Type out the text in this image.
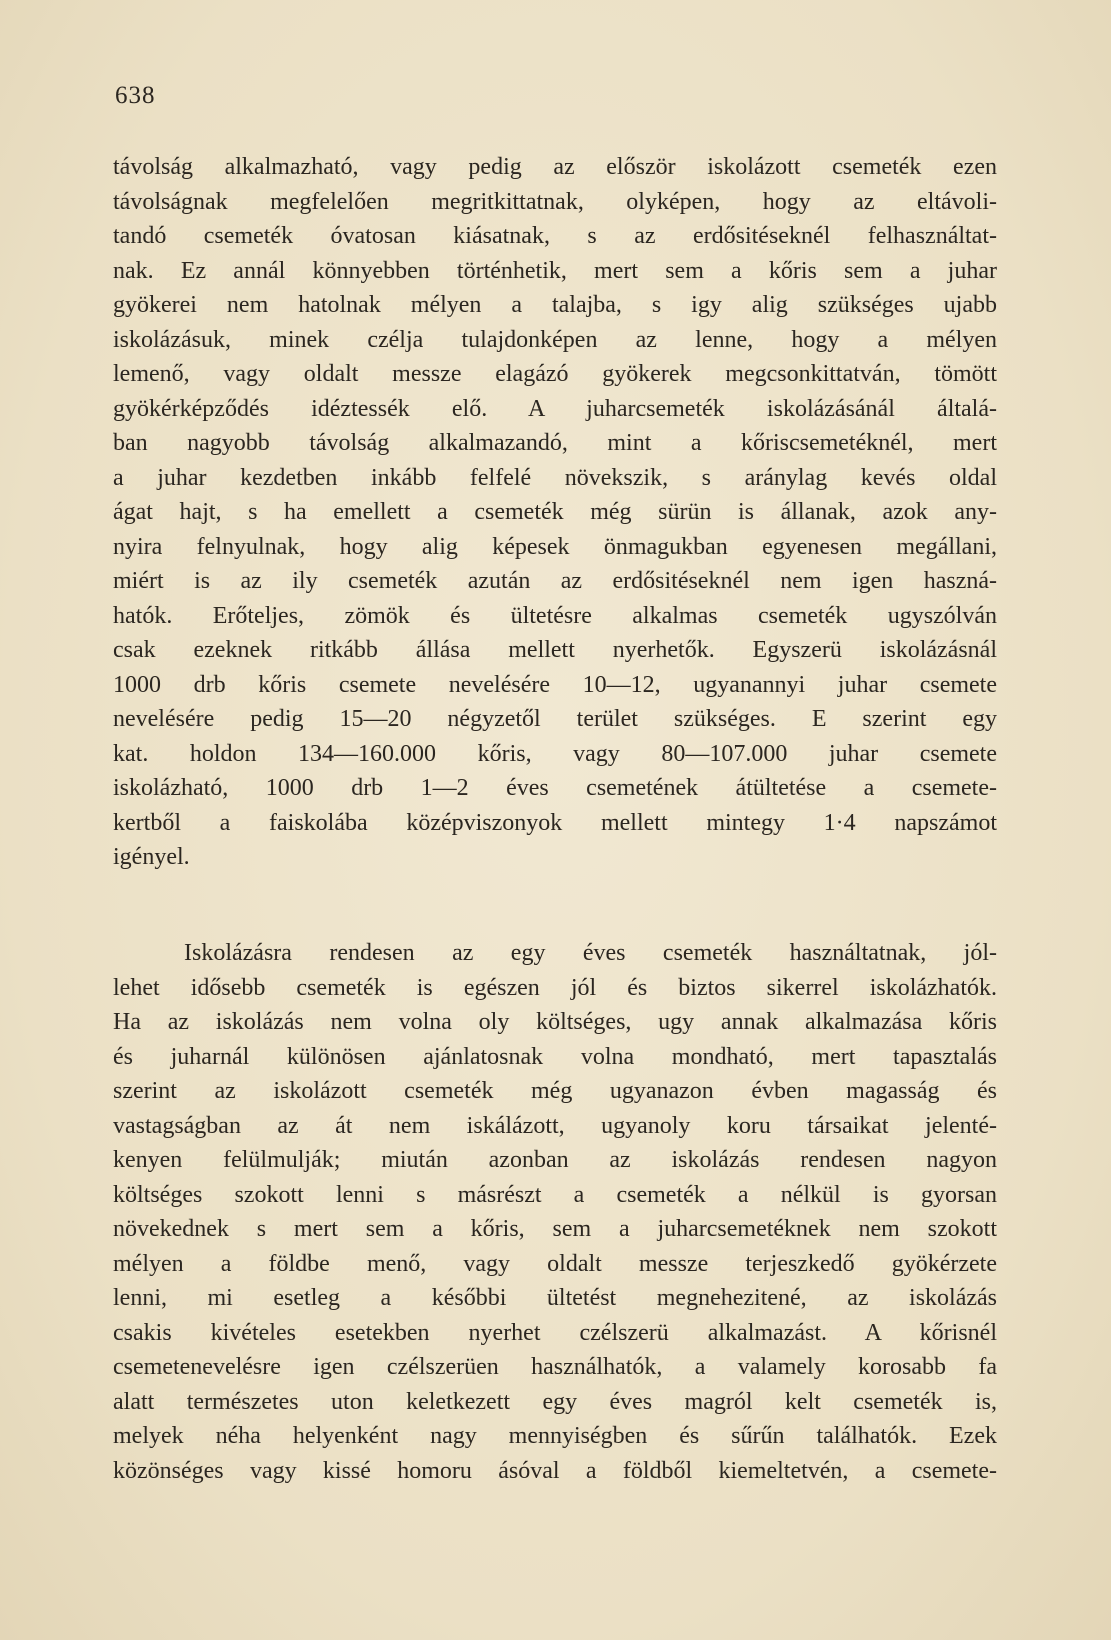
638
távolság alkalmazható, vagy pedig az először iskolázott csemeték ezen
távolságnak megfelelően megritkittatnak, olyképen, hogy az eltávoli-
tandó csemeték óvatosan kiásatnak, s az erdősitéseknél felhasználtat-
nak. Ez annál könnyebben történhetik, mert sem a kőris sem a juhar
gyökerei nem hatolnak mélyen a talajba, s igy alig szükséges ujabb
iskolázásuk, minek czélja tulajdonképen az lenne, hogy a mélyen
lemenő, vagy oldalt messze elagázó gyökerek megcsonkittatván, tömött
gyökérképződés idéztessék elő. A juharcsemeték iskolázásánál általá-
ban nagyobb távolság alkalmazandó, mint a kőriscsemetéknél, mert
a juhar kezdetben inkább felfelé növekszik, s aránylag kevés oldal
ágat hajt, s ha emellett a csemeték még sürün is állanak, azok any-
nyira felnyulnak, hogy alig képesek önmagukban egyenesen megállani,
miért is az ily csemeték azután az erdősitéseknél nem igen haszná-
hatók. Erőteljes, zömök és ültetésre alkalmas csemeték ugyszólván
csak ezeknek ritkább állása mellett nyerhetők. Egyszerü iskolázásnál
1000 drb kőris csemete nevelésére 10—12, ugyanannyi juhar csemete
nevelésére pedig 15—20 négyzetől terület szükséges. E szerint egy
kat. holdon 134—160.000 kőris, vagy 80—107.000 juhar csemete
iskolázható, 1000 drb 1—2 éves csemetének átültetése a csemete-
kertből a faiskolába középviszonyok mellett mintegy 1·4 napszámot
igényel.
Iskolázásra rendesen az egy éves csemeték használtatnak, jól-
lehet idősebb csemeték is egészen jól és biztos sikerrel iskolázhatók.
Ha az iskolázás nem volna oly költséges, ugy annak alkalmazása kőris
és juharnál különösen ajánlatosnak volna mondható, mert tapasztalás
szerint az iskolázott csemeték még ugyanazon évben magasság és
vastagságban az át nem iskálázott, ugyanoly koru társaikat jelenté-
kenyen felülmulják; miután azonban az iskolázás rendesen nagyon
költséges szokott lenni s másrészt a csemeték a nélkül is gyorsan
növekednek s mert sem a kőris, sem a juharcsemetéknek nem szokott
mélyen a földbe menő, vagy oldalt messze terjeszkedő gyökérzete
lenni, mi esetleg a későbbi ültetést megnehezitené, az iskolázás
csakis kivételes esetekben nyerhet czélszerü alkalmazást. A kőrisnél
csemetenevelésre igen czélszerüen használhatók, a valamely korosabb fa
alatt természetes uton keletkezett egy éves magról kelt csemeték is,
melyek néha helyenként nagy mennyiségben és sűrűn találhatók. Ezek
közönséges vagy kissé homoru ásóval a földből kiemeltetvén, a csemete-
